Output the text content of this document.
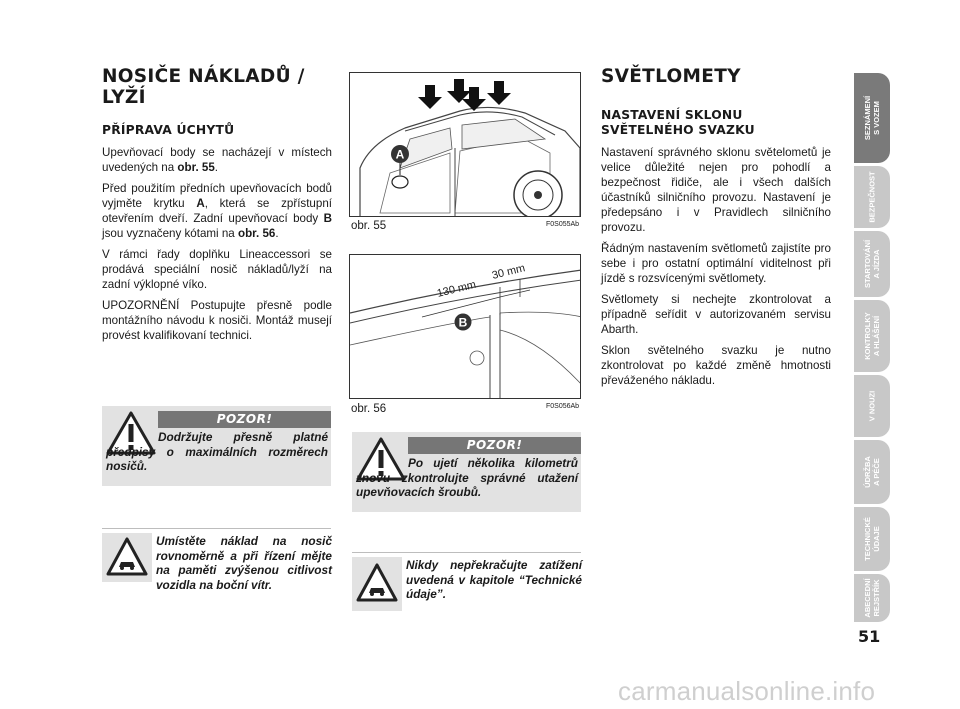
NOSIČE NÁKLADŮ / LYŽÍ
PŘÍPRAVA ÚCHYTŮ
Upevňovací body se nacházejí v místech uvedených na obr. 55.
Před použitím předních upevňovacích bodů vyjměte krytku A, která se zpřístupní otevřením dveří. Zadní upevňovací body B jsou vyznačeny kótami na obr. 56.
V rámci řady doplňku Lineaccessori se prodává speciální nosič nákladů/lyží na zadní výklopné víko.
UPOZORNĚNÍ Postupujte přesně podle montážního návodu k nosiči. Montáž musejí provést kvalifikovaní technici.
POZOR!
Dodržujte přesně platné předpisy o maximálních rozměrech nosičů.
Umístěte náklad na nosič rovnoměrně a při řízení mějte na paměti zvýšenou citlivost vozidla na boční vítr.
A
obr. 55	F0S055Ab
130 mm
30 mm
B
obr. 56	F0S056Ab
POZOR!
Po ujetí několika kilometrů znovu zkontrolujte správné utažení upevňovacích šroubů.
Nikdy nepřekračujte zatížení uvedená v kapitole “Technické údaje”.
SVĚTLOMETY
NASTAVENÍ SKLONU SVĚTELNÉHO SVAZKU
Nastavení správného sklonu světelometů je velice důležité nejen pro pohodlí a bezpečnost řidiče, ale i všech dalších účastníků silničního provozu. Nastavení je předepsáno i v Pravidlech silničního provozu.
Řádným nastavením světlometů zajistíte pro sebe i pro ostatní optimální viditelnost při jízdě s rozsvícenými světlomety.
Světlomety si nechejte zkontrolovat a případně seřídit v autorizovaném servisu Abarth.
Sklon světelného svazku je nutno zkontrolovat po každé změně hmotnosti převáženého nákladu.
SEZNÁMENÍ
S VOZEM
BEZPEČNOST
STARTOVÁNÍ
A JÍZDA
KONTROLKY
A HLÁŠENÍ
V NOUZI
ÚDRŽBA
A PÉČE
TECHNICKÉ
ÚDAJE
ABECEDNÍ
REJSTŘÍK
51
carmanualsonline.info
